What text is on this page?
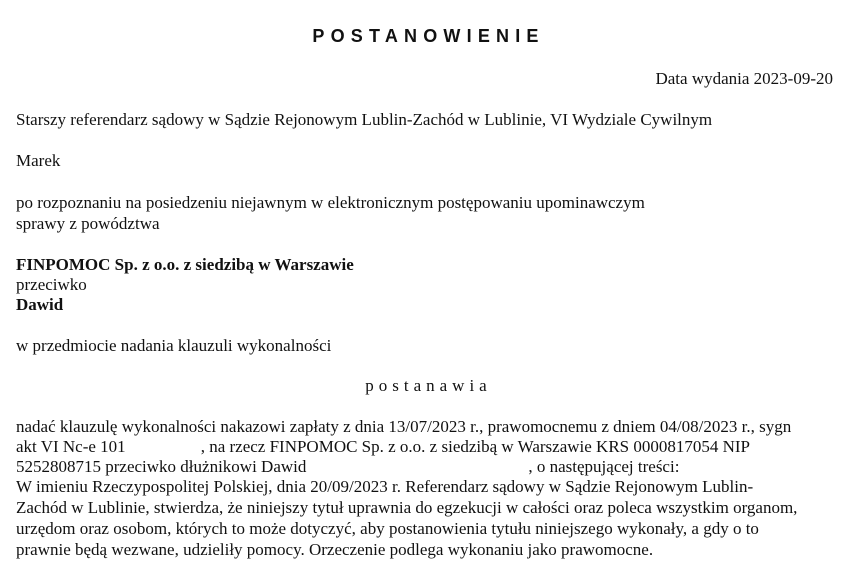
POSTANOWIENIE
Data wydania 2023-09-20
Starszy referendarz sądowy w Sądzie Rejonowym Lublin-Zachód w Lublinie, VI Wydziale Cywilnym
Marek
po rozpoznaniu na posiedzeniu niejawnym w elektronicznym postępowaniu upominawczym
sprawy z powództwa
FINPOMOC Sp. z o.o. z siedzibą w Warszawie
przeciwko
Dawid
w przedmiocie nadania klauzuli wykonalności
postanawia
nadać klauzulę wykonalności nakazowi zapłaty z dnia 13/07/2023 r., prawomocnemu z dniem 04/08/2023 r., sygn
akt VI Nc-e 101	, na rzecz FINPOMOC Sp. z o.o. z siedzibą w Warszawie KRS 0000817054 NIP
5252808715 przeciwko dłużnikowi Dawid	, o następującej treści:
W imieniu Rzeczypospolitej Polskiej, dnia 20/09/2023 r. Referendarz sądowy w Sądzie Rejonowym Lublin-
Zachód w Lublinie, stwierdza, że niniejszy tytuł uprawnia do egzekucji w całości oraz poleca wszystkim organom,
urzędom oraz osobom, których to może dotyczyć, aby postanowienia tytułu niniejszego wykonały, a gdy o to
prawnie będą wezwane, udzieliły pomocy. Orzeczenie podlega wykonaniu jako prawomocne.
